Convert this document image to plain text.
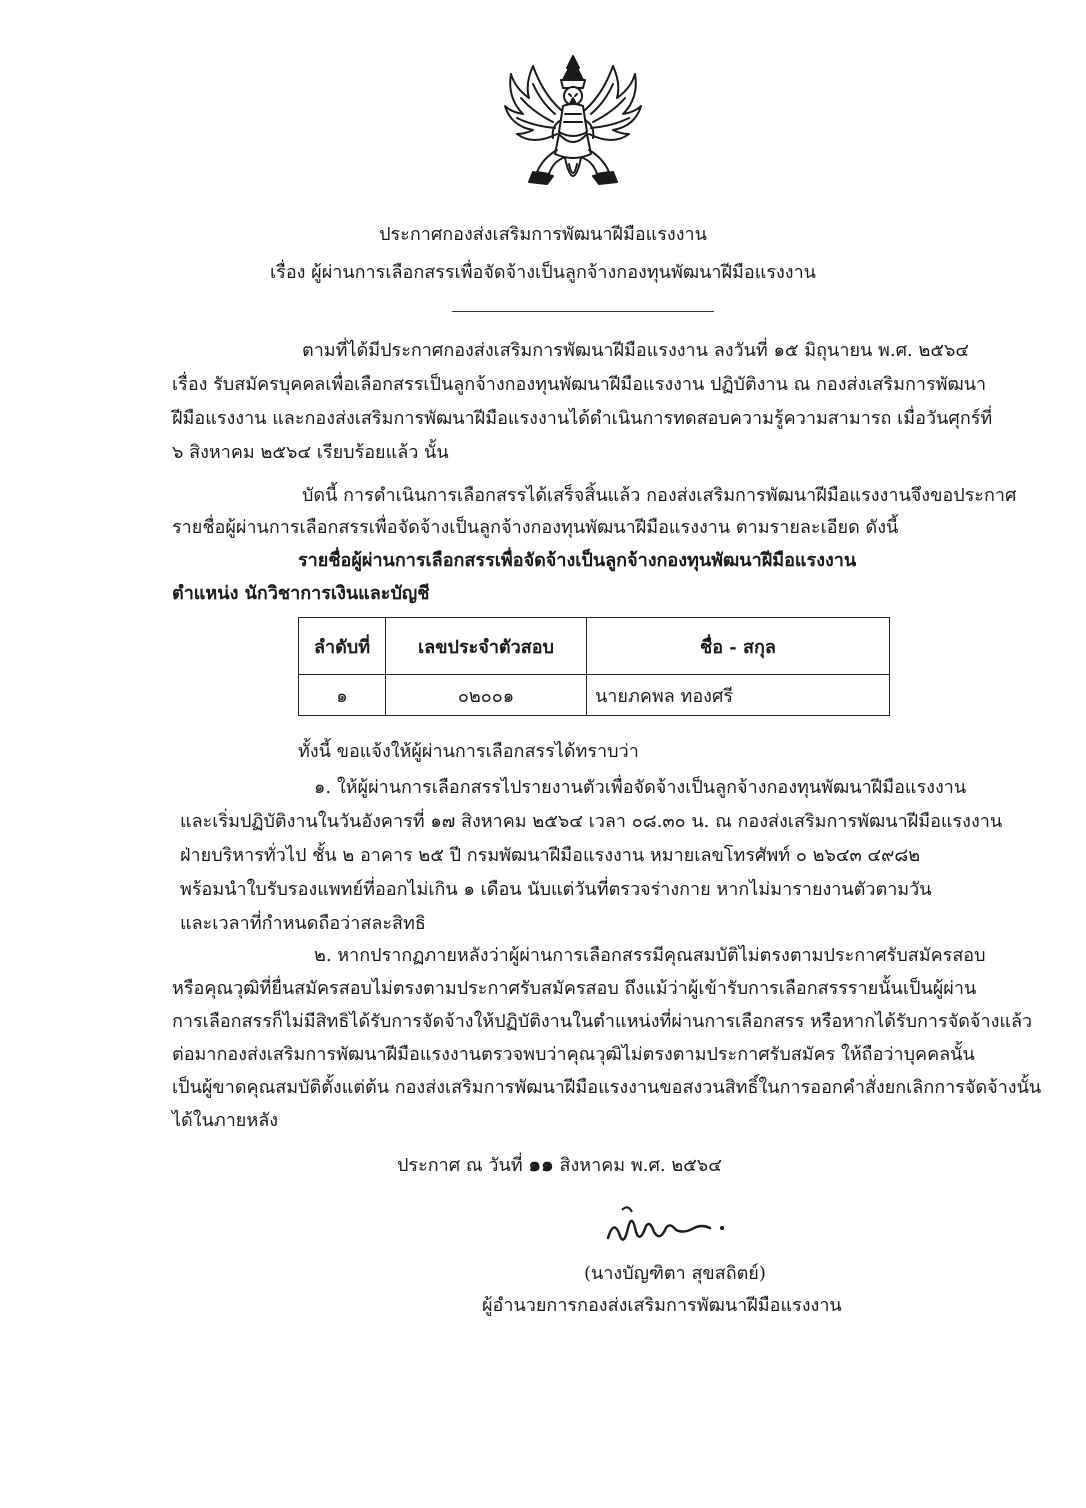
ประกาศกองส่งเสริมการพัฒนาฝีมือแรงงาน
เรื่อง ผู้ผ่านการเลือกสรรเพื่อจัดจ้างเป็นลูกจ้างกองทุนพัฒนาฝีมือแรงงาน
ตามที่ได้มีประกาศกองส่งเสริมการพัฒนาฝีมือแรงงาน ลงวันที่ ๑๕ มิถุนายน พ.ศ. ๒๕๖๔
เรื่อง รับสมัครบุคคลเพื่อเลือกสรรเป็นลูกจ้างกองทุนพัฒนาฝีมือแรงงาน ปฏิบัติงาน ณ กองส่งเสริมการพัฒนา
ฝีมือแรงงาน และกองส่งเสริมการพัฒนาฝีมือแรงงานได้ดำเนินการทดสอบความรู้ความสามารถ เมื่อวันศุกร์ที่
๖ สิงหาคม ๒๕๖๔ เรียบร้อยแล้ว นั้น
บัดนี้ การดำเนินการเลือกสรรได้เสร็จสิ้นแล้ว กองส่งเสริมการพัฒนาฝีมือแรงงานจึงขอประกาศ
รายชื่อผู้ผ่านการเลือกสรรเพื่อจัดจ้างเป็นลูกจ้างกองทุนพัฒนาฝีมือแรงงาน ตามรายละเอียด ดังนี้
รายชื่อผู้ผ่านการเลือกสรรเพื่อจัดจ้างเป็นลูกจ้างกองทุนพัฒนาฝีมือแรงงาน
ตำแหน่ง นักวิชาการเงินและบัญชี
ลำดับที่	เลขประจำตัวสอบ	ชื่อ - สกุล
๑	๐๒๐๐๑	นายภคพล ทองศรี
ทั้งนี้ ขอแจ้งให้ผู้ผ่านการเลือกสรรได้ทราบว่า
๑. ให้ผู้ผ่านการเลือกสรรไปรายงานตัวเพื่อจัดจ้างเป็นลูกจ้างกองทุนพัฒนาฝีมือแรงงาน
และเริ่มปฏิบัติงานในวันอังคารที่ ๑๗ สิงหาคม ๒๕๖๔ เวลา ๐๘.๓๐ น. ณ กองส่งเสริมการพัฒนาฝีมือแรงงาน
ฝ่ายบริหารทั่วไป ชั้น ๒ อาคาร ๒๕ ปี กรมพัฒนาฝีมือแรงงาน หมายเลขโทรศัพท์ ๐ ๒๖๔๓ ๔๙๘๒
พร้อมนำใบรับรองแพทย์ที่ออกไม่เกิน ๑ เดือน นับแต่วันที่ตรวจร่างกาย หากไม่มารายงานตัวตามวัน
และเวลาที่กำหนดถือว่าสละสิทธิ
๒. หากปรากฏภายหลังว่าผู้ผ่านการเลือกสรรมีคุณสมบัติไม่ตรงตามประกาศรับสมัครสอบ
หรือคุณวุฒิที่ยื่นสมัครสอบไม่ตรงตามประกาศรับสมัครสอบ ถึงแม้ว่าผู้เข้ารับการเลือกสรรรายนั้นเป็นผู้ผ่าน
การเลือกสรรก็ไม่มีสิทธิได้รับการจัดจ้างให้ปฏิบัติงานในตำแหน่งที่ผ่านการเลือกสรร หรือหากได้รับการจัดจ้างแล้ว
ต่อมากองส่งเสริมการพัฒนาฝีมือแรงงานตรวจพบว่าคุณวุฒิไม่ตรงตามประกาศรับสมัคร ให้ถือว่าบุคคลนั้น
เป็นผู้ขาดคุณสมบัติตั้งแต่ต้น กองส่งเสริมการพัฒนาฝีมือแรงงานขอสงวนสิทธิ์ในการออกคำสั่งยกเลิกการจัดจ้างนั้น
ได้ในภายหลัง
ประกาศ ณ วันที่ ๑๑ สิงหาคม พ.ศ. ๒๕๖๔
(นางบัญฑิตา สุขสถิตย์)
ผู้อำนวยการกองส่งเสริมการพัฒนาฝีมือแรงงาน
